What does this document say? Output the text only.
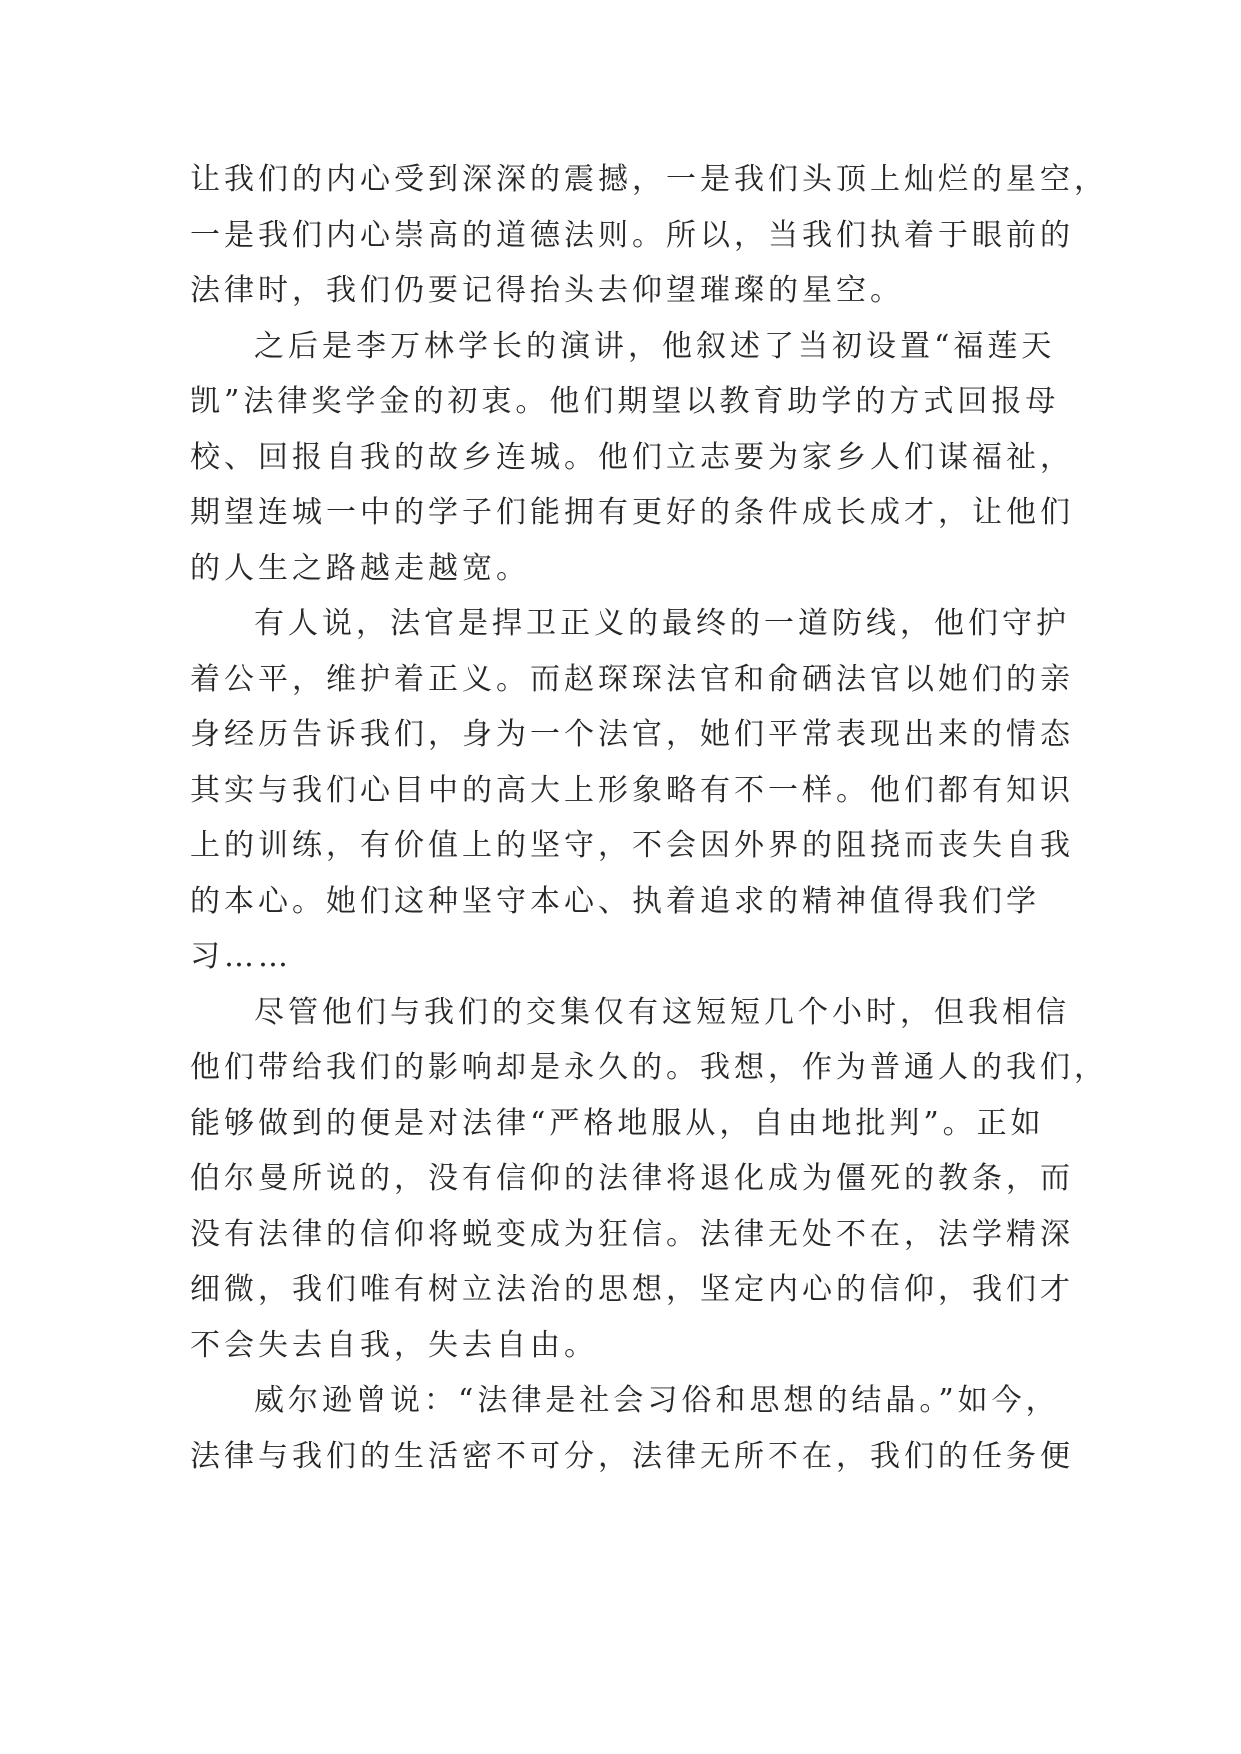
让我们的内心受到深深的震撼，一是我们头顶上灿烂的星空，
一是我们内心崇高的道德法则。所以，当我们执着于眼前的
法律时，我们仍要记得抬头去仰望璀璨的星空。
之后是李万林学长的演讲，他叙述了当初设置“福莲天
凯”法律奖学金的初衷。他们期望以教育助学的方式回报母
校、回报自我的故乡连城。他们立志要为家乡人们谋福祉，
期望连城一中的学子们能拥有更好的条件成长成才，让他们
的人生之路越走越宽。
有人说，法官是捍卫正义的最终的一道防线，他们守护
着公平，维护着正义。而赵琛琛法官和俞硒法官以她们的亲
身经历告诉我们，身为一个法官，她们平常表现出来的情态
其实与我们心目中的高大上形象略有不一样。他们都有知识
上的训练，有价值上的坚守，不会因外界的阻挠而丧失自我
的本心。她们这种坚守本心、执着追求的精神值得我们学
习……
尽管他们与我们的交集仅有这短短几个小时，但我相信
他们带给我们的影响却是永久的。我想，作为普通人的我们，
能够做到的便是对法律“严格地服从，自由地批判”。正如
伯尔曼所说的，没有信仰的法律将退化成为僵死的教条，而
没有法律的信仰将蜕变成为狂信。法律无处不在，法学精深
细微，我们唯有树立法治的思想，坚定内心的信仰，我们才
不会失去自我，失去自由。
威尔逊曾说：“法律是社会习俗和思想的结晶。”如今，
法律与我们的生活密不可分，法律无所不在，我们的任务便
